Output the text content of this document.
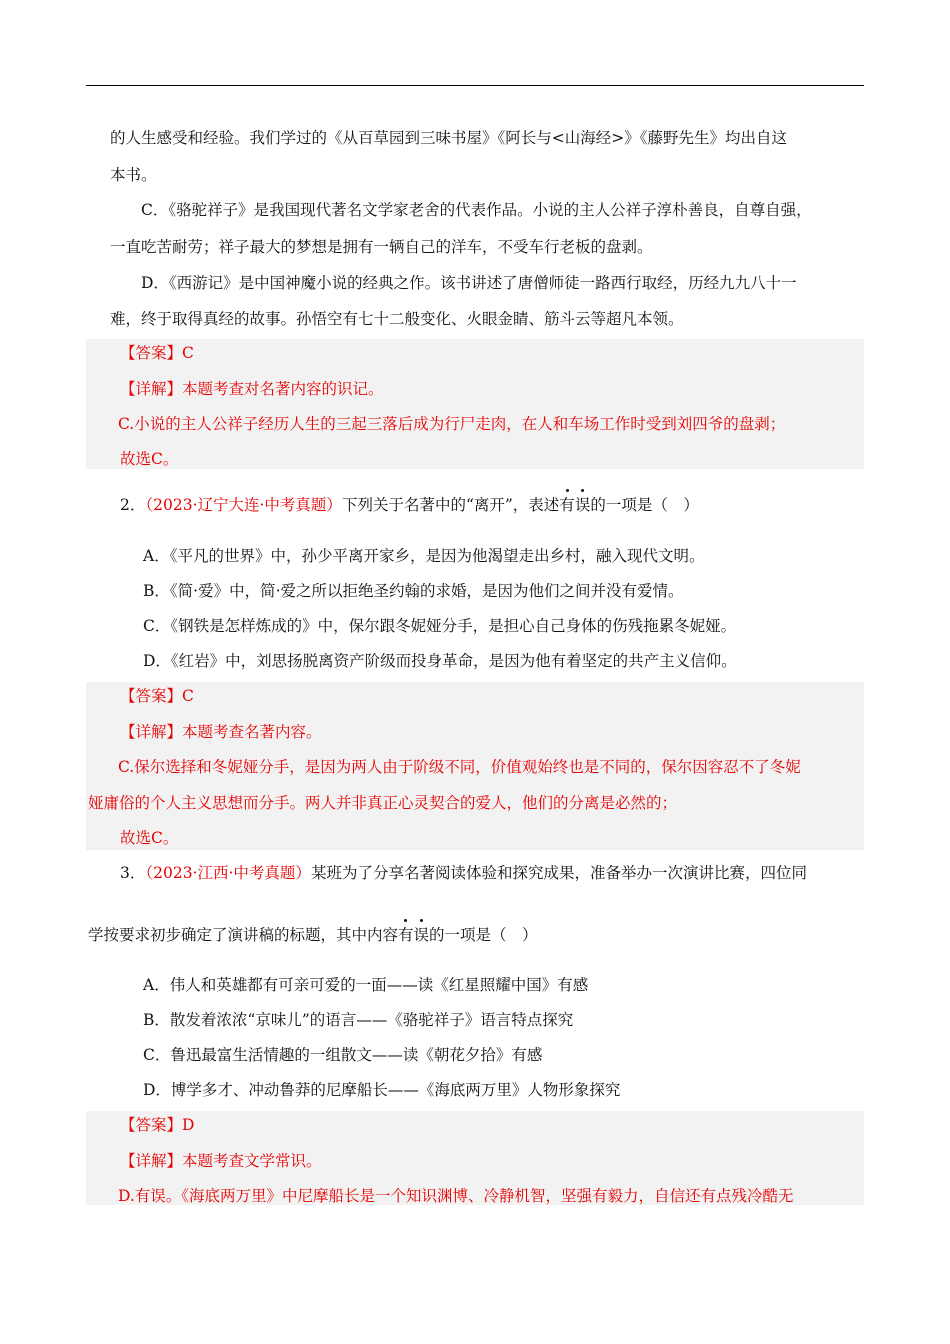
的人生感受和经验。我们学过的《从百草园到三味书屋》《阿长与<山海经>》《藤野先生》均出自这
本书。
C．《骆驼祥子》是我国现代著名文学家老舍的代表作品。小说的主人公祥子淳朴善良，自尊自强，
一直吃苦耐劳；祥子最大的梦想是拥有一辆自己的洋车，不受车行老板的盘剥。
D．《西游记》是中国神魔小说的经典之作。该书讲述了唐僧师徒一路西行取经，历经九九八十一
难，终于取得真经的故事。孙悟空有七十二般变化、火眼金睛、筋斗云等超凡本领。
【答案】C
【详解】本题考查对名著内容的识记。
C.小说的主人公祥子经历人生的三起三落后成为行尸走肉，在人和车场工作时受到刘四爷的盘剥；
故选C。
2．（2023·辽宁大连·中考真题）下列关于名著中的“离开”，表述有误的一项是（　）
A．《平凡的世界》中，孙少平离开家乡，是因为他渴望走出乡村，融入现代文明。
B．《简·爱》中，简·爱之所以拒绝圣约翰的求婚，是因为他们之间并没有爱情。
C．《钢铁是怎样炼成的》中，保尔跟冬妮娅分手，是担心自己身体的伤残拖累冬妮娅。
D．《红岩》中，刘思扬脱离资产阶级而投身革命，是因为他有着坚定的共产主义信仰。
【答案】C
【详解】本题考查名著内容。
C.保尔选择和冬妮娅分手，是因为两人由于阶级不同，价值观始终也是不同的，保尔因容忍不了冬妮
娅庸俗的个人主义思想而分手。两人并非真正心灵契合的爱人，他们的分离是必然的；
故选C。
3．（2023·江西·中考真题）某班为了分享名著阅读体验和探究成果，准备举办一次演讲比赛，四位同
学按要求初步确定了演讲稿的标题，其中内容有误的一项是（　）
A．伟人和英雄都有可亲可爱的一面——读《红星照耀中国》有感
B．散发着浓浓“京味儿”的语言——《骆驼祥子》语言特点探究
C．鲁迅最富生活情趣的一组散文——读《朝花夕拾》有感
D．博学多才、冲动鲁莽的尼摩船长——《海底两万里》人物形象探究
【答案】D
【详解】本题考查文学常识。
D.有误。《海底两万里》中尼摩船长是一个知识渊博、冷静机智，坚强有毅力，自信还有点残冷酷无
